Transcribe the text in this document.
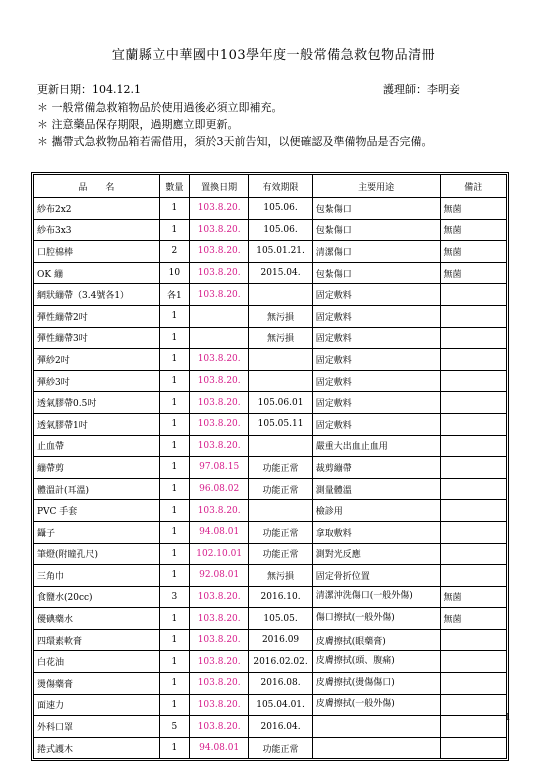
宜蘭縣立中華國中103學年度一般常備急救包物品清冊
更新日期：104.12.1	護理師：李明妾
＊ 一般常備急救箱物品於使用過後必須立即補充。
＊ 注意藥品保存期限，過期應立即更新。
＊ 攜帶式急救物品箱若需借用，須於3天前告知，以便確認及準備物品是否完備。
品　　名	數量	置換日期	有效期限	主要用途	備註
紗布2x2	1	103.8.20.	105.06.	包紮傷口	無菌
紗布3x3	1	103.8.20.	105.06.	包紮傷口	無菌
口腔棉棒	2	103.8.20.	105.01.21.	清潔傷口	無菌
OK 繃	10	103.8.20.	2015.04.	包紮傷口	無菌
網狀繃帶（3.4號各1）	各1	103.8.20.		固定敷料	
彈性繃帶2吋	1		無污損	固定敷料	
彈性繃帶3吋	1		無污損	固定敷料	
彈紗2吋	1	103.8.20.		固定敷料	
彈紗3吋	1	103.8.20.		固定敷料	
透氣膠帶0.5吋	1	103.8.20.	105.06.01	固定敷料	
透氣膠帶1吋	1	103.8.20.	105.05.11	固定敷料	
止血帶	1	103.8.20.		嚴重大出血止血用	
繃帶剪	1	97.08.15	功能正常	裁剪繃帶	
體溫計(耳溫)	1	96.08.02	功能正常	測量體溫	
PVC 手套	1	103.8.20.		檢診用	
鑷子	1	94.08.01	功能正常	拿取敷料	
筆燈(附瞳孔尺)	1	102.10.01	功能正常	測對光反應	
三角巾	1	92.08.01	無污損	固定骨折位置	
食鹽水(20cc)	3	103.8.20.	2016.10.	清潔沖洗傷口(一般外傷)	無菌
優碘藥水	1	103.8.20.	105.05.	傷口擦拭(一般外傷)	無菌
四環素軟膏	1	103.8.20.	2016.09	皮膚擦拭(眼藥膏)	
白花油	1	103.8.20.	2016.02.02.	皮膚擦拭(頭、腹痛)	
燙傷藥膏	1	103.8.20.	2016.08.	皮膚擦拭(燙傷傷口)	
面速力	1	103.8.20.	105.04.01.	皮膚擦拭(一般外傷)	
外科口罩	5	103.8.20.	2016.04.		
捲式護木	1	94.08.01	功能正常		
1
